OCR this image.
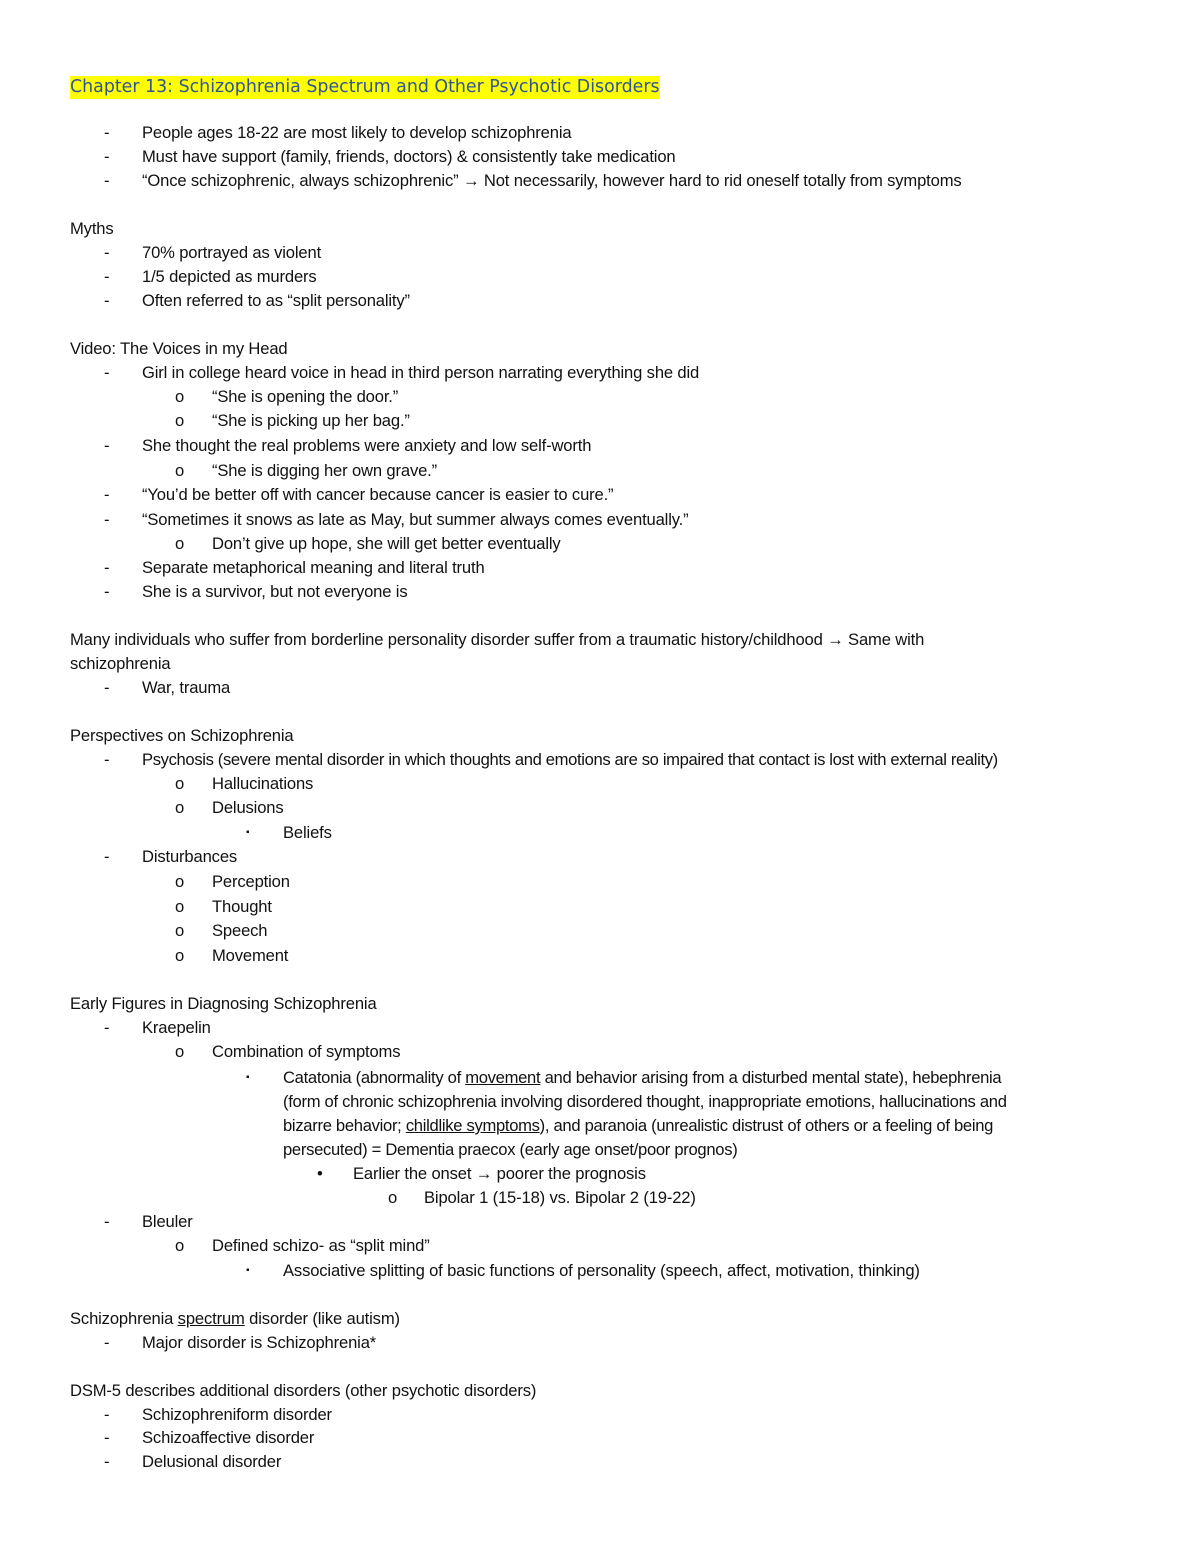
Chapter 13: Schizophrenia Spectrum and Other Psychotic Disorders
- People ages 18-22 are most likely to develop schizophrenia
- Must have support (family, friends, doctors) & consistently take medication
- “Once schizophrenic, always schizophrenic” → Not necessarily, however hard to rid oneself totally from symptoms
Myths
- 70% portrayed as violent
- 1/5 depicted as murders
- Often referred to as “split personality”
Video: The Voices in my Head
- Girl in college heard voice in head in third person narrating everything she did
o “She is opening the door.”
o “She is picking up her bag.”
- She thought the real problems were anxiety and low self-worth
o “She is digging her own grave.”
- “You’d be better off with cancer because cancer is easier to cure.”
- “Sometimes it snows as late as May, but summer always comes eventually.”
o Don’t give up hope, she will get better eventually
- Separate metaphorical meaning and literal truth
- She is a survivor, but not everyone is
Many individuals who suffer from borderline personality disorder suffer from a traumatic history/childhood → Same with
schizophrenia
- War, trauma
Perspectives on Schizophrenia
- Psychosis (severe mental disorder in which thoughts and emotions are so impaired that contact is lost with external reality)
o Hallucinations
o Delusions
▪ Beliefs
- Disturbances
o Perception
o Thought
o Speech
o Movement
Early Figures in Diagnosing Schizophrenia
- Kraepelin
o Combination of symptoms
▪ Catatonia (abnormality of movement and behavior arising from a disturbed mental state), hebephrenia
(form of chronic schizophrenia involving disordered thought, inappropriate emotions, hallucinations and
bizarre behavior; childlike symptoms), and paranoia (unrealistic distrust of others or a feeling of being
persecuted) = Dementia praecox (early age onset/poor prognos)
• Earlier the onset → poorer the prognosis
o Bipolar 1 (15-18) vs. Bipolar 2 (19-22)
- Bleuler
o Defined schizo- as “split mind”
▪ Associative splitting of basic functions of personality (speech, affect, motivation, thinking)
Schizophrenia spectrum disorder (like autism)
- Major disorder is Schizophrenia*
DSM-5 describes additional disorders (other psychotic disorders)
- Schizophreniform disorder
- Schizoaffective disorder
- Delusional disorder
